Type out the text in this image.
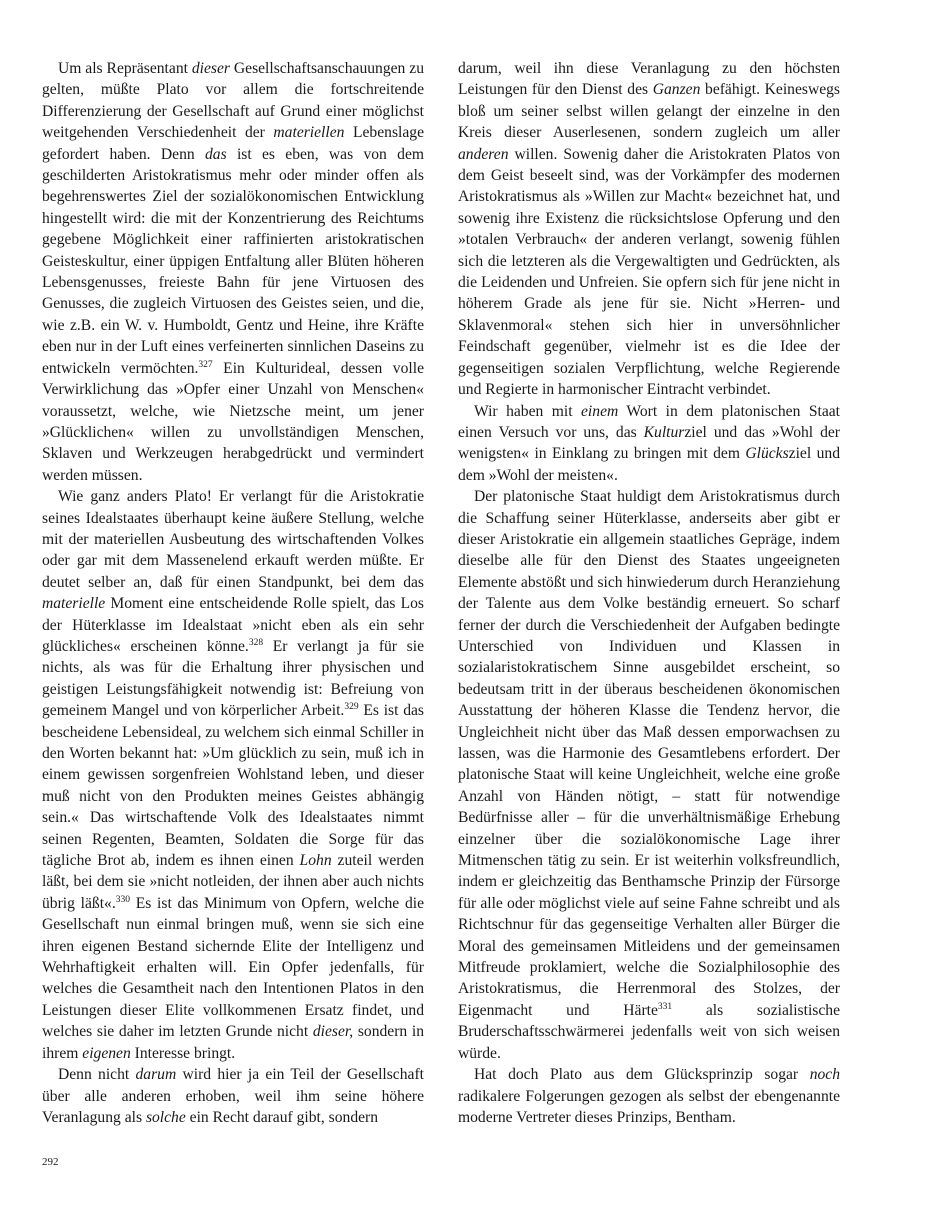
Um als Repräsentant dieser Gesellschaftsanschauungen zu gelten, müßte Plato vor allem die fortschreitende Differenzierung der Gesellschaft auf Grund einer möglichst weitgehenden Verschiedenheit der materiellen Lebenslage gefordert haben. Denn das ist es eben, was von dem geschilderten Aristokratismus mehr oder minder offen als begehrenswertes Ziel der sozialökonomischen Entwicklung hingestellt wird: die mit der Konzentrierung des Reichtums gegebene Möglichkeit einer raffinierten aristokratischen Geisteskultur, einer üppigen Entfaltung aller Blüten höheren Lebensgenusses, freieste Bahn für jene Virtuosen des Genusses, die zugleich Virtuosen des Geistes seien, und die, wie z.B. ein W. v. Humboldt, Gentz und Heine, ihre Kräfte eben nur in der Luft eines verfeinerten sinnlichen Daseins zu entwickeln vermöchten.$^{327}$ Ein Kulturideal, dessen volle Verwirklichung das »Opfer einer Unzahl von Menschen« voraussetzt, welche, wie Nietzsche meint, um jener »Glücklichen« willen zu unvollständigen Menschen, Sklaven und Werkzeugen herabgedrückt und vermindert werden müssen.

Wie ganz anders Plato! Er verlangt für die Aristokratie seines Idealstaates überhaupt keine äußere Stellung, welche mit der materiellen Ausbeutung des wirtschaftenden Volkes oder gar mit dem Massenelend erkauft werden müßte. Er deutet selber an, daß für einen Standpunkt, bei dem das materielle Moment eine entscheidende Rolle spielt, das Los der Hüterklasse im Idealstaat »nicht eben als ein sehr glückliches« erscheinen könne.$^{328}$ Er verlangt ja für sie nichts, als was für die Erhaltung ihrer physischen und geistigen Leistungsfähigkeit notwendig ist: Befreiung von gemeinem Mangel und von körperlicher Arbeit.$^{329}$ Es ist das bescheidene Lebensideal, zu welchem sich einmal Schiller in den Worten bekannt hat: »Um glücklich zu sein, muß ich in einem gewissen sorgenfreien Wohlstand leben, und dieser muß nicht von den Produkten meines Geistes abhängig sein.« Das wirtschaftende Volk des Idealstaates nimmt seinen Regenten, Beamten, Soldaten die Sorge für das tägliche Brot ab, indem es ihnen einen Lohn zuteil werden läßt, bei dem sie »nicht notleiden, der ihnen aber auch nichts übrig läßt«.$^{330}$ Es ist das Minimum von Opfern, welche die Gesellschaft nun einmal bringen muß, wenn sie sich eine ihren eigenen Bestand sichernde Elite der Intelligenz und Wehrhaftigkeit erhalten will. Ein Opfer jedenfalls, für welches die Gesamtheit nach den Intentionen Platos in den Leistungen dieser Elite vollkommenen Ersatz findet, und welches sie daher im letzten Grunde nicht dieser, sondern in ihrem eigenen Interesse bringt.

Denn nicht darum wird hier ja ein Teil der Gesellschaft über alle anderen erhoben, weil ihm seine höhere Veranlagung als solche ein Recht darauf gibt, sondern

darum, weil ihn diese Veranlagung zu den höchsten Leistungen für den Dienst des Ganzen befähigt. Keineswegs bloß um seiner selbst willen gelangt der einzelne in den Kreis dieser Auserlesenen, sondern zugleich um aller anderen willen. Sowenig daher die Aristokraten Platos von dem Geist beseelt sind, was der Vorkämpfer des modernen Aristokratismus als »Willen zur Macht« bezeichnet hat, und sowenig ihre Existenz die rücksichtslose Opferung und den »totalen Verbrauch« der anderen verlangt, sowenig fühlen sich die letzteren als die Vergewaltigten und Gedrückten, als die Leidenden und Unfreien. Sie opfern sich für jene nicht in höherem Grade als jene für sie. Nicht »Herren- und Sklavenmoral« stehen sich hier in unversöhnlicher Feindschaft gegenüber, vielmehr ist es die Idee der gegenseitigen sozialen Verpflichtung, welche Regierende und Regierte in harmonischer Eintracht verbindet.

Wir haben mit einem Wort in dem platonischen Staat einen Versuch vor uns, das Kulturziel und das »Wohl der wenigsten« in Einklang zu bringen mit dem Glücksziel und dem »Wohl der meisten«.

Der platonische Staat huldigt dem Aristokratismus durch die Schaffung seiner Hüterklasse, anderseits aber gibt er dieser Aristokratie ein allgemein staatliches Gepräge, indem dieselbe alle für den Dienst des Staates ungeeigneten Elemente abstößt und sich hinwiederum durch Heranziehung der Talente aus dem Volke beständig erneuert. So scharf ferner der durch die Verschiedenheit der Aufgaben bedingte Unterschied von Individuen und Klassen in sozialaristokratischem Sinne ausgebildet erscheint, so bedeutsam tritt in der überaus bescheidenen ökonomischen Ausstattung der höheren Klasse die Tendenz hervor, die Ungleichheit nicht über das Maß dessen emporwachsen zu lassen, was die Harmonie des Gesamtlebens erfordert. Der platonische Staat will keine Ungleichheit, welche eine große Anzahl von Händen nötigt, – statt für notwendige Bedürfnisse aller – für die unverhältnismäßige Erhebung einzelner über die sozialökonomische Lage ihrer Mitmenschen tätig zu sein. Er ist weiterhin volksfreundlich, indem er gleichzeitig das Benthamsche Prinzip der Fürsorge für alle oder möglichst viele auf seine Fahne schreibt und als Richtschnur für das gegenseitige Verhalten aller Bürger die Moral des gemeinsamen Mitleidens und der gemeinsamen Mitfreude proklamiert, welche die Sozialphilosophie des Aristokratismus, die Herrenmoral des Stolzes, der Eigenmacht und Härte$^{331}$ als sozialistische Bruderschaftsschwärmerei jedenfalls weit von sich weisen würde.

Hat doch Plato aus dem Glücksprinzip sogar noch radikalere Folgerungen gezogen als selbst der ebengenannte moderne Vertreter dieses Prinzips, Bentham.

292
